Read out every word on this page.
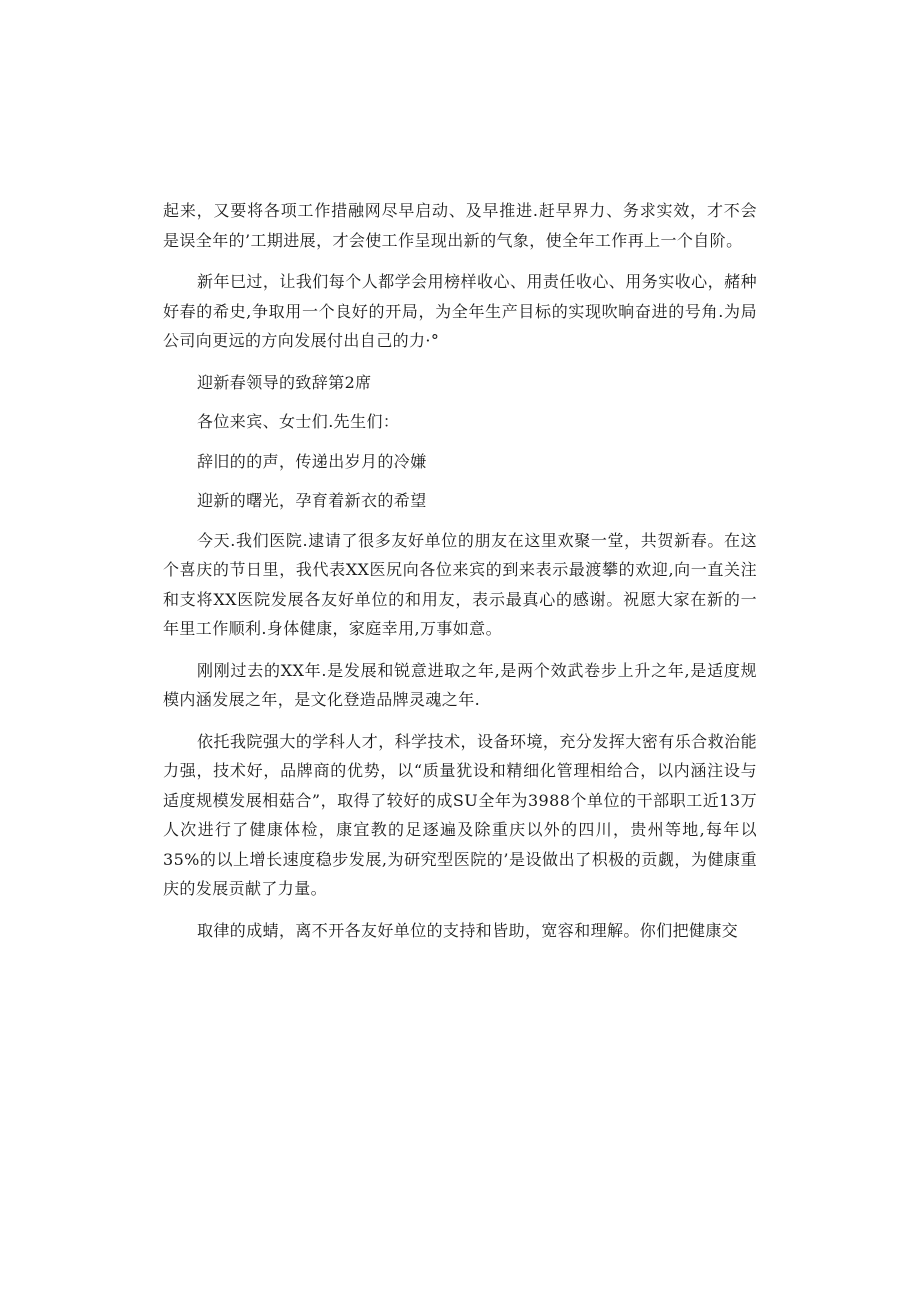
起来，又要将各项工作措融网尽早启动、及早推进.赶早界力、务求实效，才不会是误全年的’工期进展，才会使工作呈现出新的气象，使全年工作再上一个自阶。

新年巳过，让我们每个人都学会用榜样收心、用责任收心、用务实收心，赭种好春的希史,争取用一个良好的开局，为全年生产目标的实现吹晌奋进的号角.为局公司向更远的方向发展付出自己的力·°

迎新春领导的致辞第2席

各位来宾、女士们.先生们：

辞旧的的声，传递出岁月的冷嫌

迎新的曙光，孕育着新衣的希望

今天.我们医院.逮请了很多友好单位的朋友在这里欢聚一堂，共贺新春。在这个喜庆的节日里，我代表XX医尻向各位来宾的到来表示最渡攀的欢迎,向一直关注和支将XX医院发展各友好单位的和用友，表示最真心的感谢。祝愿大家在新的一年里工作顺利.身体健康，家庭幸用,万事如意。

刚刚过去的XX年.是发展和锐意进取之年,是两个效武卷步上升之年,是适度规模内涵发展之年，是文化登造品牌灵魂之年.

依托我院强大的学科人才，科学技术，设备环境，充分发挥大密有乐合救治能力强，技术好，品牌商的优势，以“质量犹设和精细化管理相给合，以内涵注设与适度规模发展相菇合”，取得了较好的成SU全年为3988个单位的干部职工近13万人次进行了健康体检，康宜教的足逐遍及除重庆以外的四川，贵州等地,每年以35%的以上增长速度稳步发展,为研究型医院的’是设做出了枳极的贡觑，为健康重庆的发展贡献了力量。

取律的成蜻，离不开各友好单位的支持和皆助，宽容和理解。你们把健康交
